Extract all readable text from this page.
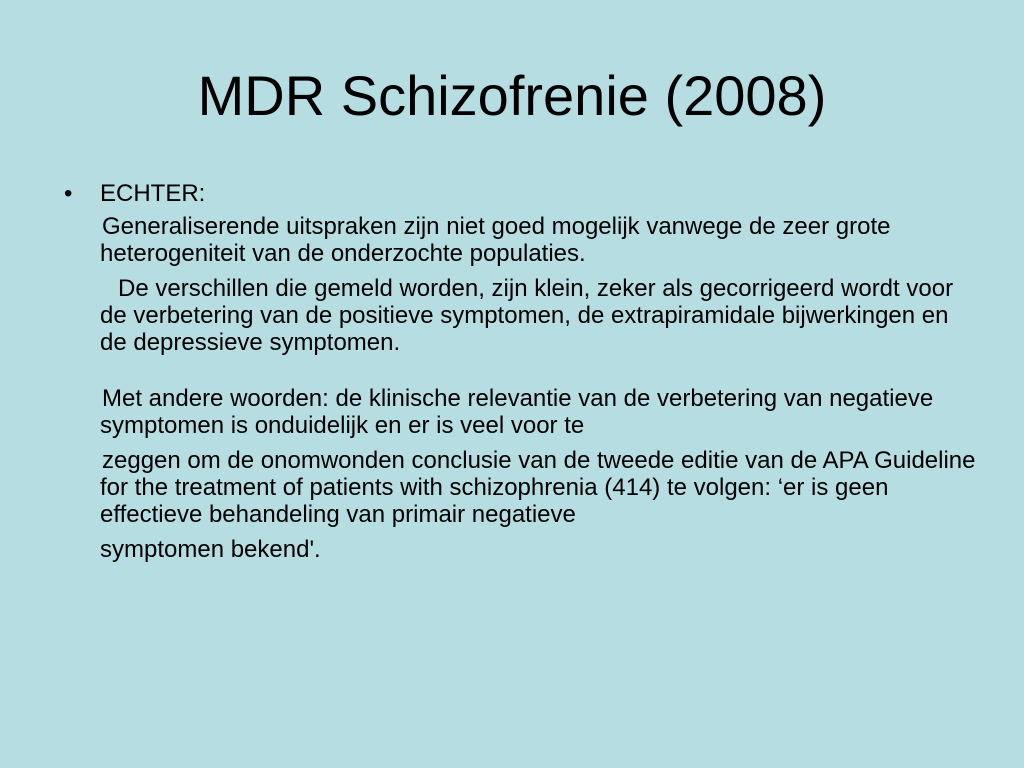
MDR Schizofrenie (2008)
• ECHTER:

Generaliserende uitspraken zijn niet goed mogelijk vanwege de zeer grote heterogeniteit van de onderzochte populaties.

De verschillen die gemeld worden, zijn klein, zeker als gecorrigeerd wordt voor de verbetering van de positieve symptomen, de extrapiramidale bijwerkingen en de depressieve symptomen.

Met andere woorden: de klinische relevantie van de verbetering van negatieve symptomen is onduidelijk en er is veel voor te

zeggen om de onomwonden conclusie van de tweede editie van de APA Guideline for the treatment of patients with schizophrenia (414) te volgen: ‘er is geen effectieve behandeling van primair negatieve

symptomen bekend'.
